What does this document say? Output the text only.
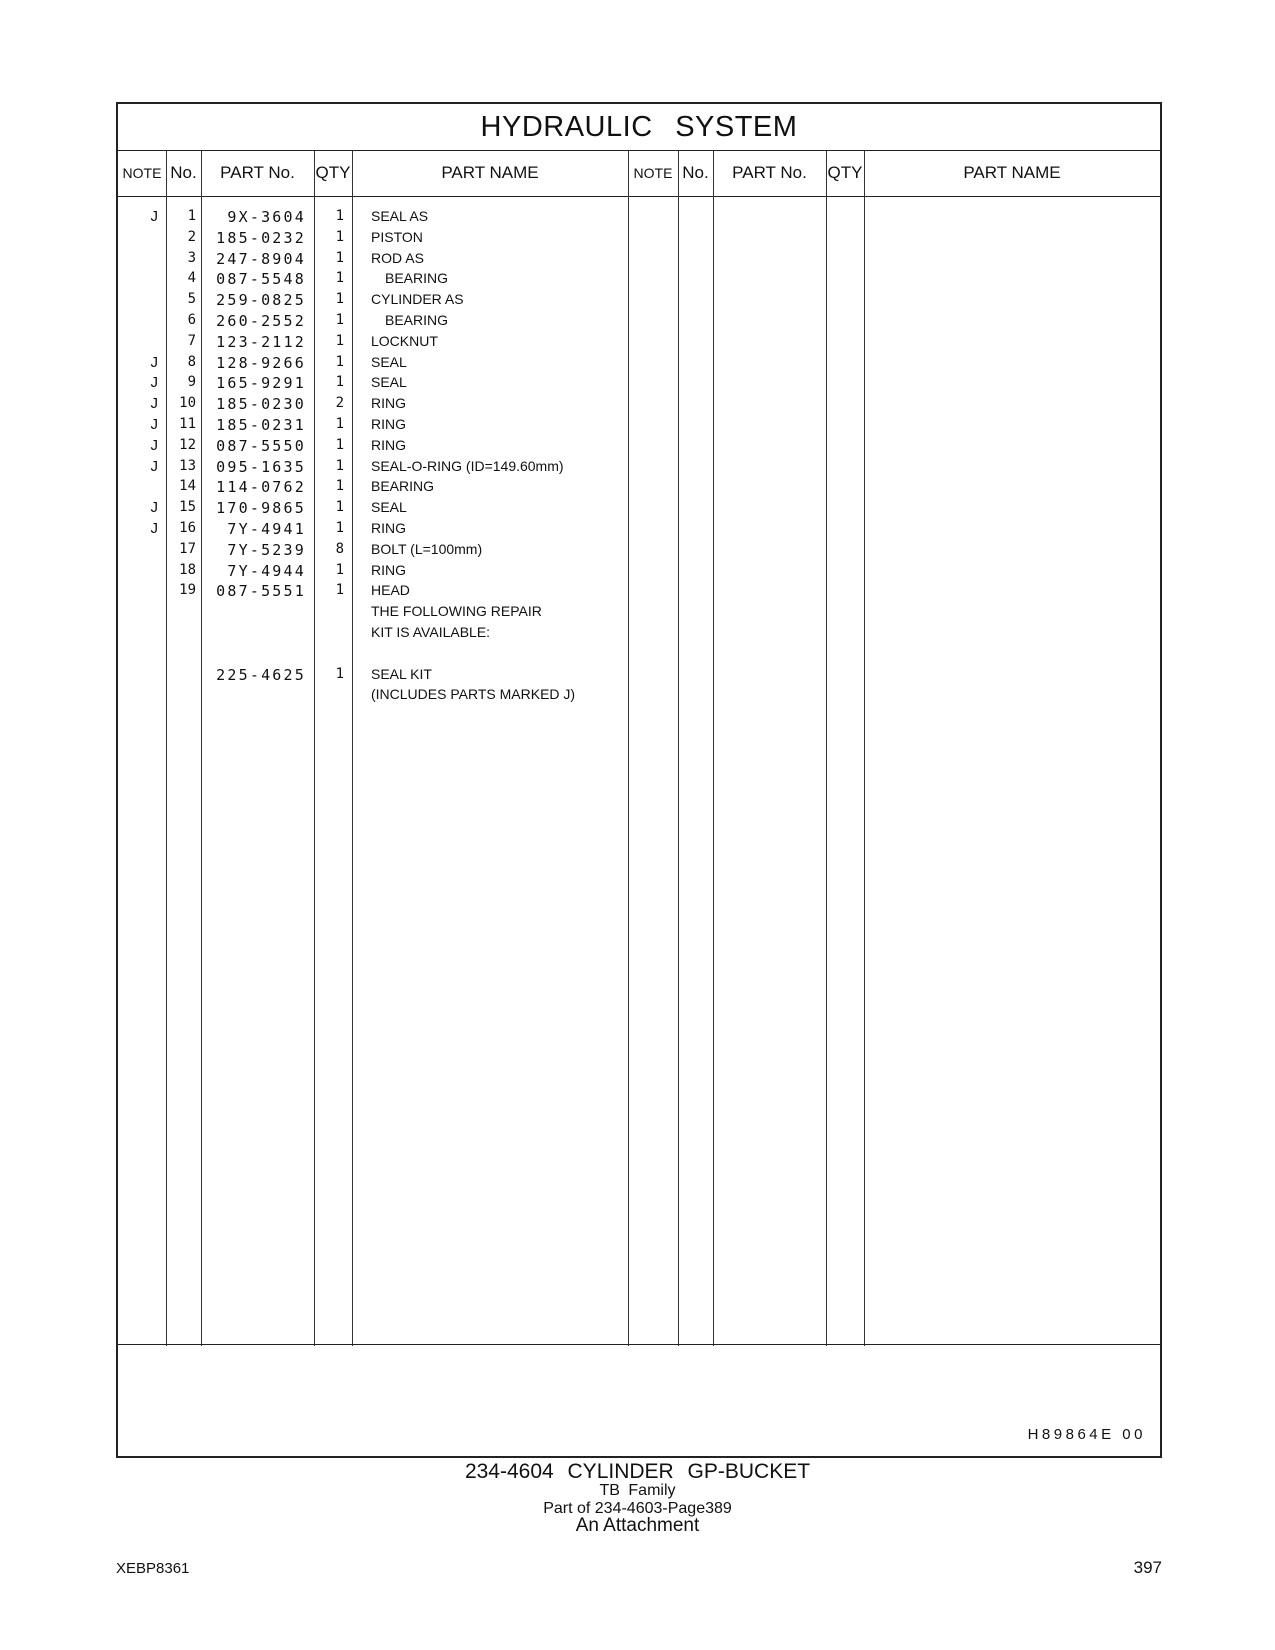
HYDRAULIC SYSTEM
NOTE No.	PART No.	QTY	PART NAME	NOTE No.	PART No.	QTY	PART NAME
J	1	9X-3604	1 SEAL AS
2	185-0232	1 PISTON
3	247-8904	1 ROD AS
4	087-5548	1	BEARING
5	259-0825	1 CYLINDER AS
6	260-2552	1	BEARING
7	123-2112	1 LOCKNUT
J	8	128-9266	1 SEAL
J	9	165-9291	1 SEAL
J	10	185-0230	2 RING
J	11	185-0231	1 RING
J	12	087-5550	1 RING
J	13	095-1635	1 SEAL-O-RING (ID=149.60mm)
14	114-0762	1 BEARING
J	15	170-9865	1 SEAL
J	16	7Y-4941	1 RING
17	7Y-5239	8 BOLT (L=100mm)
18	7Y-4944	1 RING
19	087-5551	1 HEAD
THE FOLLOWING REPAIR
KIT IS AVAILABLE:
225-4625	1 SEAL KIT
(INCLUDES PARTS MARKED J)
H89864E 00
234-4604 CYLINDER GP-BUCKET
TB Family
Part of 234-4603-Page389
An Attachment
XEBP8361	397
